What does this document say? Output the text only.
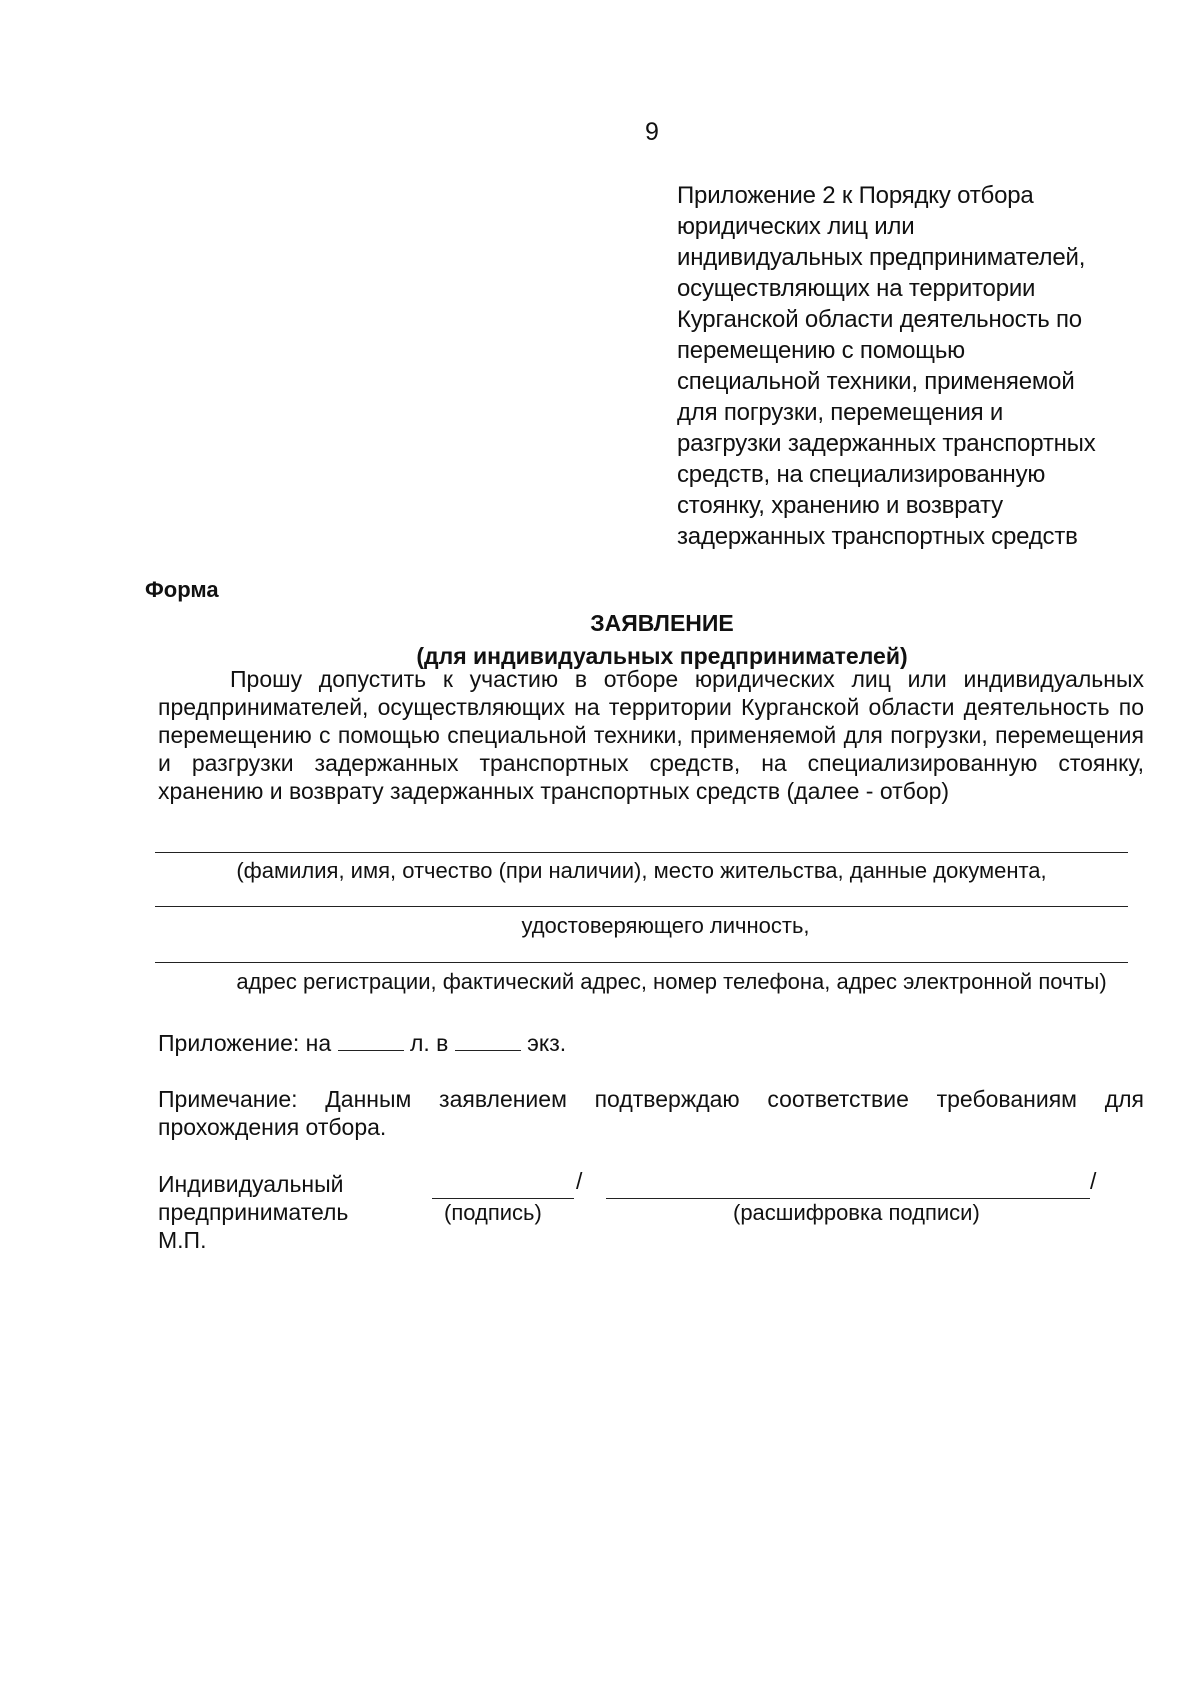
9
Приложение 2 к Порядку отбора
юридических лиц или
индивидуальных предпринимателей,
осуществляющих на территории
Курганской области деятельность по
перемещению с помощью
специальной техники, применяемой
для погрузки, перемещения и
разгрузки задержанных транспортных
средств, на специализированную
стоянку, хранению и возврату
задержанных транспортных средств
Форма
ЗАЯВЛЕНИЕ
(для индивидуальных предпринимателей)
Прошу допустить к участию в отборе юридических лиц или индивидуальных предпринимателей, осуществляющих на территории Курганской области деятельность по перемещению с помощью специальной техники, применяемой для погрузки, перемещения и разгрузки задержанных транспортных средств, на специализированную стоянку, хранению и возврату задержанных транспортных средств (далее - отбор)
(фамилия, имя, отчество (при наличии), место жительства, данные документа,
удостоверяющего личность,
адрес регистрации, фактический адрес, номер телефона, адрес электронной почты)
Приложение: на	л. в	экз.
Примечание: Данным заявлением подтверждаю соответствие требованиям для прохождения отбора.
Индивидуальный
предприниматель
М.П.
/	/
(подпись)	(расшифровка подписи)
